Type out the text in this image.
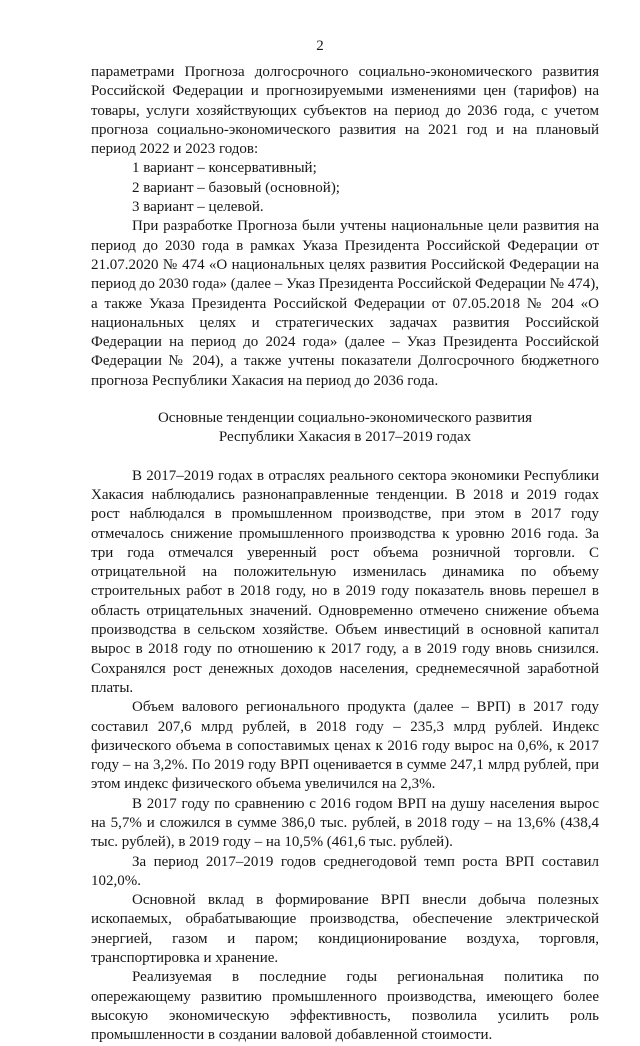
2

параметрами Прогноза долгосрочного социально-экономического развития Российской Федерации и прогнозируемыми изменениями цен (тарифов) на товары, услуги хозяйствующих субъектов на период до 2036 года, с учетом прогноза социально-экономического развития на 2021 год и на плановый период 2022 и 2023 годов:

1 вариант – консервативный;

2 вариант – базовый (основной);

3 вариант – целевой.

При разработке Прогноза были учтены национальные цели развития на период до 2030 года в рамках Указа Президента Российской Федерации от 21.07.2020 № 474 «О национальных целях развития Российской Федерации на период до 2030 года» (далее – Указ Президента Российской Федерации № 474), а также Указа Президента Российской Федерации от 07.05.2018 № 204 «О национальных целях и стратегических задачах развития Российской Федерации на период до 2024 года» (далее – Указ Президента Российской Федерации № 204), а также учтены показатели Долгосрочного бюджетного прогноза Республики Хакасия на период до 2036 года.

Основные тенденции социально-экономического развития
Республики Хакасия в 2017–2019 годах

В 2017–2019 годах в отраслях реального сектора экономики Республики Хакасия наблюдались разнонаправленные тенденции. В 2018 и 2019 годах рост наблюдался в промышленном производстве, при этом в 2017 году отмечалось снижение промышленного производства к уровню 2016 года. За три года отмечался уверенный рост объема розничной торговли. С отрицательной на положительную изменилась динамика по объему строительных работ в 2018 году, но в 2019 году показатель вновь перешел в область отрицательных значений. Одновременно отмечено снижение объема производства в сельском хозяйстве. Объем инвестиций в основной капитал вырос в 2018 году по отношению к 2017 году, а в 2019 году вновь снизился. Сохранялся рост денежных доходов населения, среднемесячной заработной платы.

Объем валового регионального продукта (далее – ВРП) в 2017 году составил 207,6 млрд рублей, в 2018 году – 235,3 млрд рублей. Индекс физического объема в сопоставимых ценах к 2016 году вырос на 0,6%, к 2017 году – на 3,2%. По 2019 году ВРП оценивается в сумме 247,1 млрд рублей, при этом индекс физического объема увеличился на 2,3%.

В 2017 году по сравнению с 2016 годом ВРП на душу населения вырос на 5,7% и сложился в сумме 386,0 тыс. рублей, в 2018 году – на 13,6% (438,4 тыс. рублей), в 2019 году – на 10,5% (461,6 тыс. рублей).

За период 2017–2019 годов среднегодовой темп роста ВРП составил 102,0%.

Основной вклад в формирование ВРП внесли добыча полезных ископаемых, обрабатывающие производства, обеспечение электрической энергией, газом и паром; кондиционирование воздуха, торговля, транспортировка и хранение.

Реализуемая в последние годы региональная политика по опережающему развитию промышленного производства, имеющего более высокую экономическую эффективность, позволила усилить роль промышленности в создании валовой добавленной стоимости.
